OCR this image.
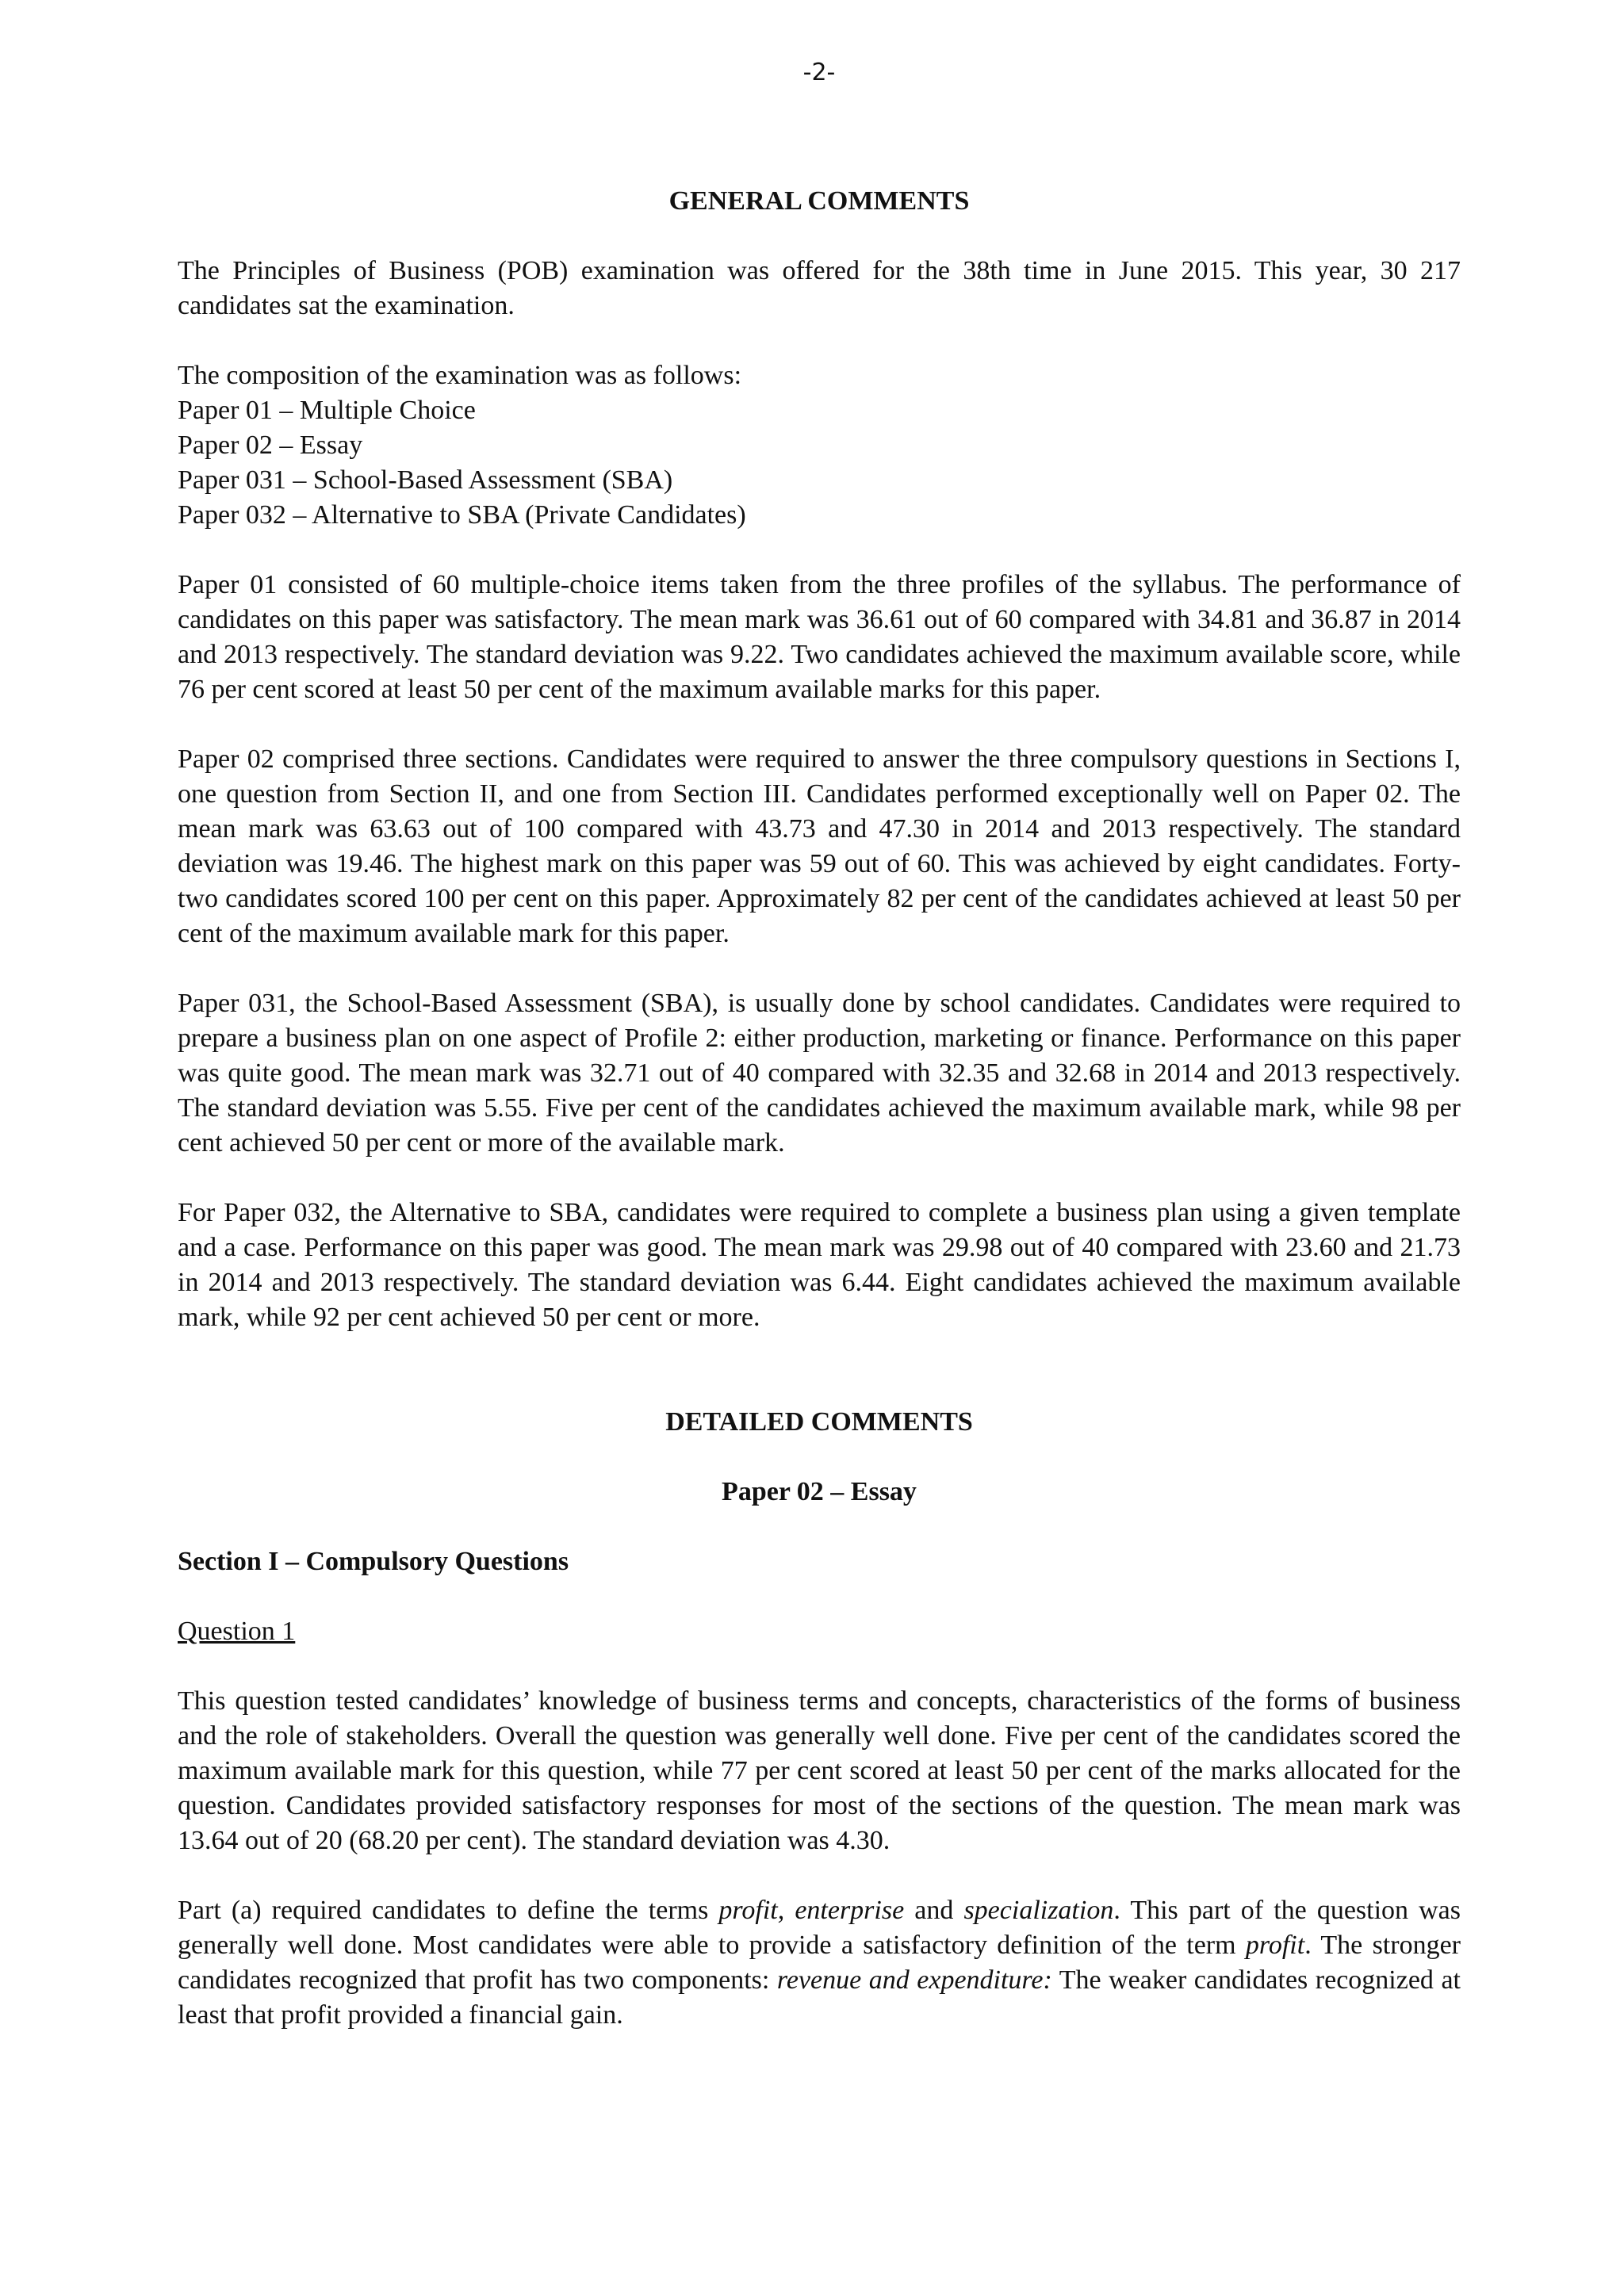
-2-
GENERAL COMMENTS

The Principles of Business (POB) examination was offered for the 38th time in June 2015. This year, 30 217 candidates sat the examination.

The composition of the examination was as follows:

Paper 01 – Multiple Choice

Paper 02 – Essay

Paper 031 – School-Based Assessment (SBA)

Paper 032 – Alternative to SBA (Private Candidates)

Paper 01 consisted of 60 multiple-choice items taken from the three profiles of the syllabus. The performance of candidates on this paper was satisfactory. The mean mark was 36.61 out of 60 compared with 34.81 and 36.87 in 2014 and 2013 respectively. The standard deviation was 9.22. Two candidates achieved the maximum available score, while 76 per cent scored at least 50 per cent of the maximum available marks for this paper.

Paper 02 comprised three sections. Candidates were required to answer the three compulsory questions in Sections I, one question from Section II, and one from Section III. Candidates performed exceptionally well on Paper 02. The mean mark was 63.63 out of 100 compared with 43.73 and 47.30 in 2014 and 2013 respectively. The standard deviation was 19.46. The highest mark on this paper was 59 out of 60. This was achieved by eight candidates. Forty-two candidates scored 100 per cent on this paper. Approximately 82 per cent of the candidates achieved at least 50 per cent of the maximum available mark for this paper.

Paper 031, the School-Based Assessment (SBA), is usually done by school candidates. Candidates were required to prepare a business plan on one aspect of Profile 2: either production, marketing or finance. Performance on this paper was quite good. The mean mark was 32.71 out of 40 compared with 32.35 and 32.68 in 2014 and 2013 respectively. The standard deviation was 5.55. Five per cent of the candidates achieved the maximum available mark, while 98 per cent achieved 50 per cent or more of the available mark.

For Paper 032, the Alternative to SBA, candidates were required to complete a business plan using a given template and a case. Performance on this paper was good. The mean mark was 29.98 out of 40 compared with 23.60 and 21.73 in 2014 and 2013 respectively. The standard deviation was 6.44. Eight candidates achieved the maximum available mark, while 92 per cent achieved 50 per cent or more.

DETAILED COMMENTS
Paper 02 – Essay

Section I – Compulsory Questions

Question 1

This question tested candidates’ knowledge of business terms and concepts, characteristics of the forms of business and the role of stakeholders. Overall the question was generally well done. Five per cent of the candidates scored the maximum available mark for this question, while 77 per cent scored at least 50 per cent of the marks allocated for the question. Candidates provided satisfactory responses for most of the sections of the question. The mean mark was 13.64 out of 20 (68.20 per cent). The standard deviation was 4.30.

Part (a) required candidates to define the terms profit, enterprise and specialization. This part of the question was generally well done. Most candidates were able to provide a satisfactory definition of the term profit. The stronger candidates recognized that profit has two components: revenue and expenditure: The weaker candidates recognized at least that profit provided a financial gain.
